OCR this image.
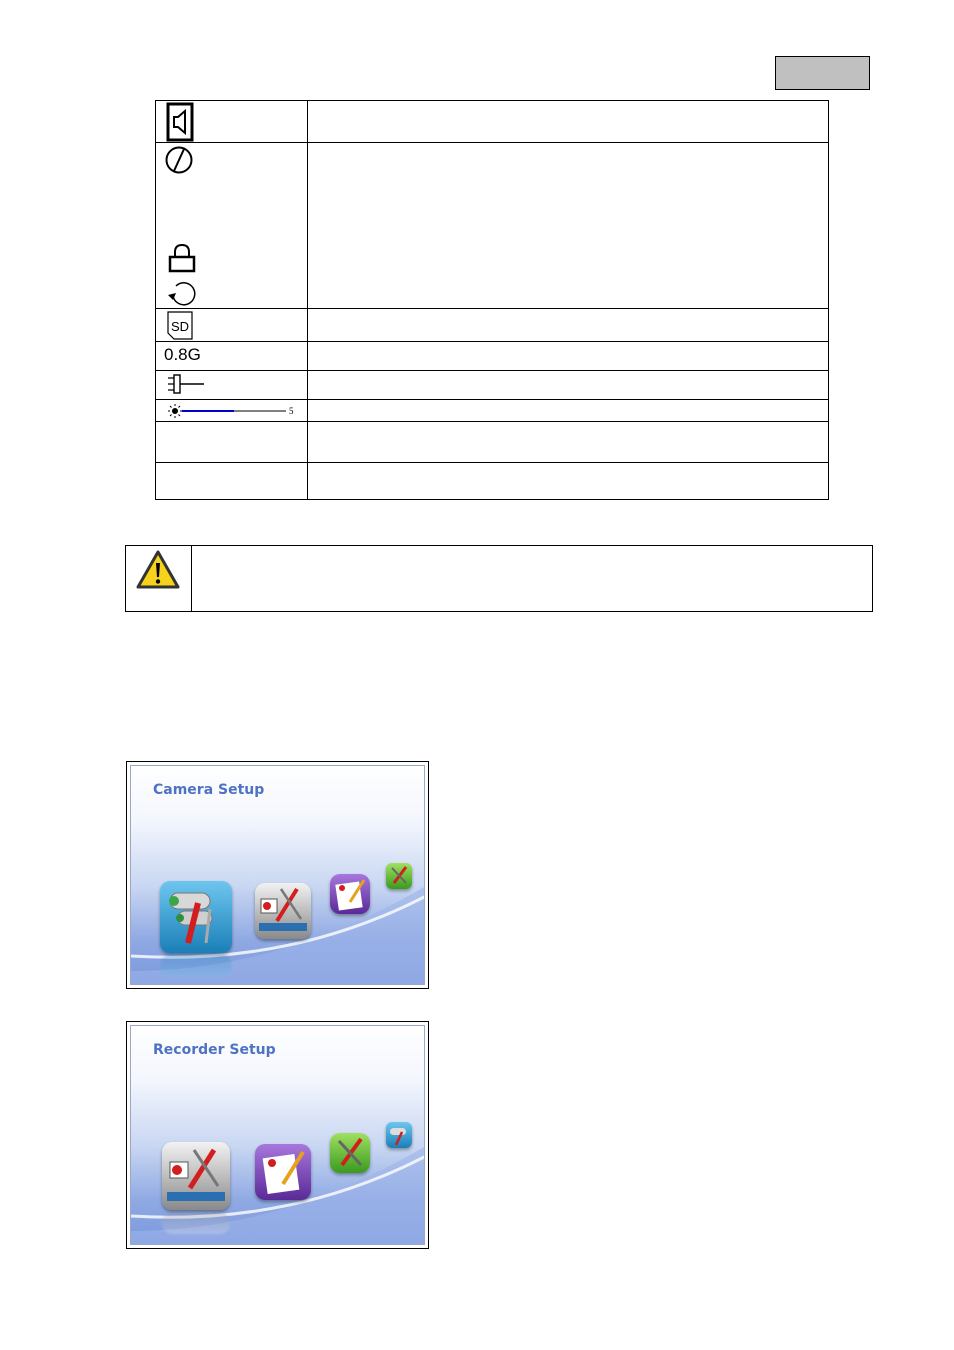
SD	

0.8G	

5	

Camera Setup
Recorder Setup
